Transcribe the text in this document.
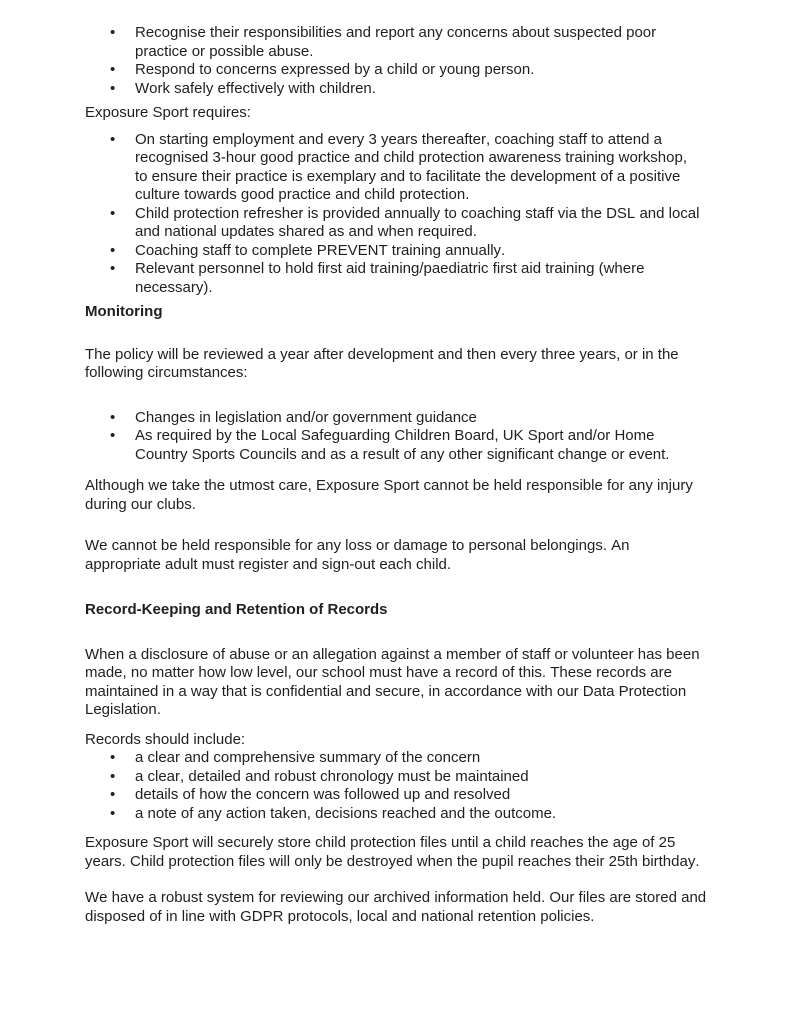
• Recognise their responsibilities and report any concerns about suspected poor practice or possible abuse.
• Respond to concerns expressed by a child or young person.
• Work safely effectively with children.

Exposure Sport requires:

• On starting employment and every 3 years thereafter, coaching staff to attend a recognised 3-hour good practice and child protection awareness training workshop, to ensure their practice is exemplary and to facilitate the development of a positive culture towards good practice and child protection.
• Child protection refresher is provided annually to coaching staff via the DSL and local and national updates shared as and when required.
• Coaching staff to complete PREVENT training annually.
• Relevant personnel to hold first aid training/paediatric first aid training (where necessary).
Monitoring

The policy will be reviewed a year after development and then every three years, or in the following circumstances:

• Changes in legislation and/or government guidance
• As required by the Local Safeguarding Children Board, UK Sport and/or Home Country Sports Councils and as a result of any other significant change or event.

Although we take the utmost care, Exposure Sport cannot be held responsible for any injury during our clubs.

We cannot be held responsible for any loss or damage to personal belongings. An appropriate adult must register and sign-out each child.

Record-Keeping and Retention of Records

When a disclosure of abuse or an allegation against a member of staff or volunteer has been made, no matter how low level, our school must have a record of this. These records are maintained in a way that is confidential and secure, in accordance with our Data Protection Legislation.

Records should include:

• a clear and comprehensive summary of the concern
• a clear, detailed and robust chronology must be maintained
• details of how the concern was followed up and resolved
• a note of any action taken, decisions reached and the outcome.

Exposure Sport will securely store child protection files until a child reaches the age of 25 years. Child protection files will only be destroyed when the pupil reaches their 25th birthday.

We have a robust system for reviewing our archived information held. Our files are stored and disposed of in line with GDPR protocols, local and national retention policies.
